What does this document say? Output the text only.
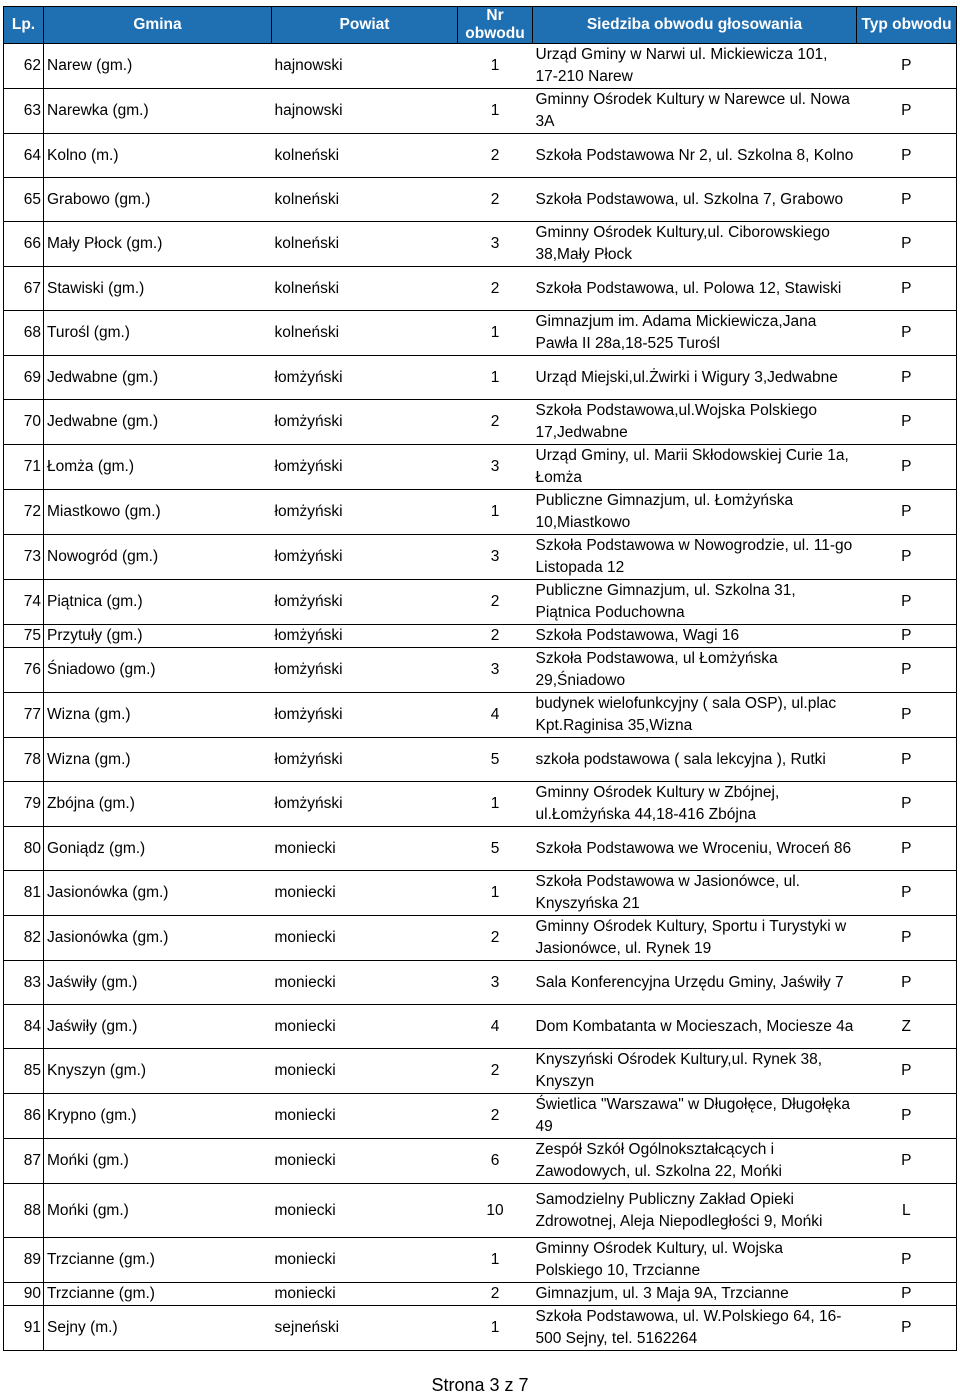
Lp.	Gmina	Powiat	Nr obwodu	Siedziba obwodu głosowania	Typ obwodu
62	Narew (gm.)	hajnowski	1	Urząd Gminy w Narwi ul. Mickiewicza 101, 17-210 Narew	P
63	Narewka (gm.)	hajnowski	1	Gminny Ośrodek Kultury w Narewce ul. Nowa 3A	P
64	Kolno (m.)	kolneński	2	Szkoła Podstawowa Nr 2, ul. Szkolna 8, Kolno	P
65	Grabowo (gm.)	kolneński	2	Szkoła Podstawowa, ul. Szkolna 7, Grabowo	P
66	Mały Płock (gm.)	kolneński	3	Gminny Ośrodek Kultury,ul. Ciborowskiego 38,Mały Płock	P
67	Stawiski (gm.)	kolneński	2	Szkoła Podstawowa, ul. Polowa 12, Stawiski	P
68	Turośl (gm.)	kolneński	1	Gimnazjum im. Adama Mickiewicza,Jana Pawła II 28a,18-525 Turośl	P
69	Jedwabne (gm.)	łomżyński	1	Urząd Miejski,ul.Żwirki i Wigury 3,Jedwabne	P
70	Jedwabne (gm.)	łomżyński	2	Szkoła Podstawowa,ul.Wojska Polskiego 17,Jedwabne	P
71	Łomża (gm.)	łomżyński	3	Urząd Gminy, ul. Marii Skłodowskiej Curie 1a, Łomża	P
72	Miastkowo (gm.)	łomżyński	1	Publiczne Gimnazjum, ul. Łomżyńska 10,Miastkowo	P
73	Nowogród (gm.)	łomżyński	3	Szkoła Podstawowa w Nowogrodzie, ul. 11-go Listopada 12	P
74	Piątnica (gm.)	łomżyński	2	Publiczne Gimnazjum, ul. Szkolna 31, Piątnica Poduchowna	P
75	Przytuły (gm.)	łomżyński	2	Szkoła Podstawowa, Wagi 16	P
76	Śniadowo (gm.)	łomżyński	3	Szkoła Podstawowa, ul Łomżyńska 29,Śniadowo	P
77	Wizna (gm.)	łomżyński	4	budynek wielofunkcyjny ( sala OSP), ul.plac Kpt.Raginisa 35,Wizna	P
78	Wizna (gm.)	łomżyński	5	szkoła podstawowa ( sala lekcyjna ), Rutki	P
79	Zbójna (gm.)	łomżyński	1	Gminny Ośrodek Kultury w Zbójnej, ul.Łomżyńska 44,18-416 Zbójna	P
80	Goniądz (gm.)	moniecki	5	Szkoła Podstawowa we Wroceniu, Wroceń 86	P
81	Jasionówka (gm.)	moniecki	1	Szkoła Podstawowa w Jasionówce, ul. Knyszyńska 21	P
82	Jasionówka (gm.)	moniecki	2	Gminny Ośrodek Kultury, Sportu i Turystyki w Jasionówce, ul. Rynek 19	P
83	Jaświły (gm.)	moniecki	3	Sala Konferencyjna Urzędu Gminy, Jaświły 7	P
84	Jaświły (gm.)	moniecki	4	Dom Kombatanta w Mocieszach, Mociesze 4a	Z
85	Knyszyn (gm.)	moniecki	2	Knyszyński Ośrodek Kultury,ul. Rynek 38, Knyszyn	P
86	Krypno (gm.)	moniecki	2	Świetlica "Warszawa" w Długołęce, Długołęka 49	P
87	Mońki (gm.)	moniecki	6	Zespół Szkół Ogólnokształcących i Zawodowych, ul. Szkolna 22, Mońki	P
88	Mońki (gm.)	moniecki	10	Samodzielny Publiczny Zakład Opieki Zdrowotnej, Aleja Niepodległości 9, Mońki	L
89	Trzcianne (gm.)	moniecki	1	Gminny Ośrodek Kultury, ul. Wojska Polskiego 10, Trzcianne	P
90	Trzcianne (gm.)	moniecki	2	Gimnazjum, ul. 3 Maja 9A, Trzcianne	P
91	Sejny (m.)	sejneński	1	Szkoła Podstawowa, ul. W.Polskiego 64, 16-500 Sejny, tel. 5162264	P
Strona 3 z 7
